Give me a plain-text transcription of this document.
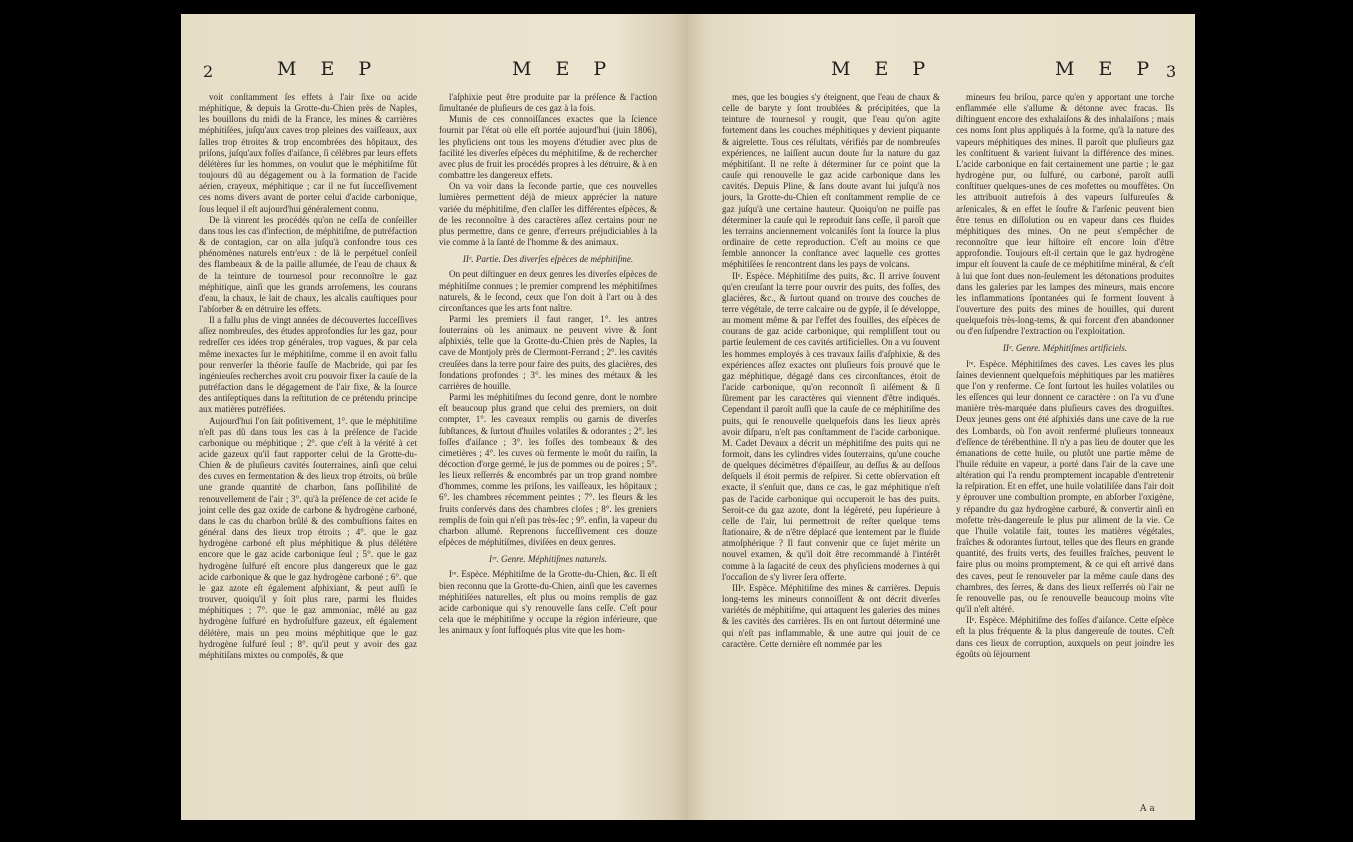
2	M E P	M E P

voit conſtamment ſes effets à l'air ſixe ou acide méphitique, & depuis la Grotte-du-Chien près de Naples, les bouillons du midi de la France, les mines & carrières méphitiſées, juſqu'aux caves trop pleines des vaiſſeaux, aux ſalles trop étroites & trop encombrées des hôpitaux, des priſons, juſqu'aux foſſes d'aiſance, ſi célèbres par leurs effets délétères ſur les hommes, on voulut que le méphitiſme fût toujours dû au dégagement ou à la formation de l'acide aérien, crayeux, méphitique ; car il ne fut ſucceſſivement ces noms divers avant de porter celui d'acide carbonique, ſous lequel il eſt aujourd'hui généralement connu.

De là vinrent les procédés qu'on ne ceſſa de conſeiller dans tous les cas d'infection, de méphitiſme, de putréfaction & de contagion, car on alla juſqu'à confondre tous ces phénomènes naturels entr'eux : de là le perpétuel conſeil des flambeaux & de la paille allumée, de l'eau de chaux & de la teinture de tournesol pour reconnoître le gaz méphitique, ainſi que les grands arroſemens, les courans d'eau, la chaux, le lait de chaux, les alcalis cauſtiques pour l'abſorber & en détruire les effets.

Il a fallu plus de vingt années de découvertes ſucceſſives aſſez nombreuſes, des études approfondies ſur les gaz, pour redreſſer ces idées trop générales, trop vagues, & par cela même inexactes ſur le méphitiſme, comme il en avoit fallu pour renverſer la théorie fauſſe de Macbride, qui par ſes ingénieuſes recherches avoit cru pouvoir fixer la cauſe de la putréfaction dans le dégagement de l'air fixe, & la ſource des antiſeptiques dans la reſtitution de ce prétendu principe aux matières putréfiées.

Aujourd'hui l'on ſait poſitivement, 1°. que le méphitiſme n'eſt pas dû dans tous les cas à la préſence de l'acide carbonique ou méphitique ; 2°. que c'eſt à la vérité à cet acide gazeux qu'il faut rapporter celui de la Grotte-du-Chien & de pluſieurs cavités ſouterraines, ainſi que celui des cuves en fermentation & des lieux trop étroits, où brûle une grande quantité de charbon, ſans poſſibilité de renouvellement de l'air ; 3°. qu'à la préſence de cet acide ſe joint celle des gaz oxide de carbone & hydrogène carboné, dans le cas du charbon brûlé & des combuſtions faites en général dans des lieux trop étroits ; 4°. que le gaz hydrogène carboné eſt plus méphitique & plus délétère encore que le gaz acide carbonique ſeul ; 5°. que le gaz hydrogène ſulfuré eſt encore plus dangereux que le gaz acide carbonique & que le gaz hydrogène carboné ; 6°. que le gaz azote eſt également aſphixiant, & peut auſſi ſe trouver, quoiqu'il y ſoit plus rare, parmi les fluides méphitiques ; 7°. que le gaz ammoniac, mêlé au gaz hydrogène ſulfuré en hydroſulfure gazeux, eſt également délétère, mais un peu moins méphitique que le gaz hydrogène ſulfuré ſeul ; 8°. qu'il peut y avoir des gaz méphitiſans mixtes ou compoſés, & que

l'aſphixie peut être produite par la préſence & l'action ſimultanée de pluſieurs de ces gaz à la fois.

Munis de ces connoiſſances exactes que la ſcience fournit par l'état où elle eſt portée aujourd'hui (juin 1806), les phyſiciens ont tous les moyens d'étudier avec plus de facilité les diverſes eſpèces du méphitiſme, & de rechercher avec plus de fruit les procédés propres à les détruire, & à en combattre les dangereux effets.

On va voir dans la ſeconde partie, que ces nouvelles lumières permettent déjà de mieux apprécier la nature variée du méphitiſme, d'en claſſer les différentes eſpèces, & de les reconnoître à des caractères aſſez certains pour ne plus permettre, dans ce genre, d'erreurs préjudiciables à la vie comme à la ſanté de l'homme & des animaux.

IIᵉ. Partie. Des diverſes eſpèces de méphitiſme.

On peut diſtinguer en deux genres les diverſes eſpèces de méphitiſme connues ; le premier comprend les méphitiſmes naturels, & le ſecond, ceux que l'on doit à l'art ou à des circonſtances que les arts font naître.

Parmi les premiers il faut ranger, 1°. les antres ſouterrains où les animaux ne peuvent vivre & ſont aſphixiés, telle que la Grotte-du-Chien près de Naples, la cave de Montjoly près de Clermont-Ferrand ; 2°. les cavités creuſées dans la terre pour faire des puits, des glacières, des fondations profondes ; 3°. les mines des métaux & les carrières de houille.

Parmi les méphitiſmes du ſecond genre, dont le nombre eſt beaucoup plus grand que celui des premiers, on doit compter, 1°. les caveaux remplis ou garnis de diverſes ſubſtances, & ſurtout d'huiles volatiles & odorantes ; 2°. les foſſes d'aiſance ; 3°. les foſſes des tombeaux & des cimetières ; 4°. les cuves où fermente le moût du raiſin, la décoction d'orge germé, le jus de pommes ou de poires ; 5°. les lieux reſſerrés & encombrés par un trop grand nombre d'hommes, comme les priſons, les vaiſſeaux, les hôpitaux ; 6°. les chambres récemment peintes ; 7°. les fleurs & les fruits conſervés dans des chambres cloſes ; 8°. les greniers remplis de foin qui n'eſt pas très-ſec ; 9°. enfin, la vapeur du charbon allumé. Reprenons ſucceſſivement ces douze eſpèces de méphitiſmes, diviſées en deux genres.

Iᵉʳ. Genre. Méphitiſmes naturels.

Iʳᵉ. Espèce. Méphitiſme de la Grotte-du-Chien, &c. Il eſt bien reconnu que la Grotte-du-Chien, ainſi que les cavernes méphitiſées naturelles, eſt plus ou moins remplis de gaz acide carbonique qui s'y renouvelle ſans ceſſe. C'eſt pour cela que le méphitiſme y occupe la région inférieure, que les animaux y ſont ſuffoqués plus vite que les hom-

M E P	M E P 3

mes, que les bougies s'y éteignent, que l'eau de chaux & celle de baryte y ſont troublées & précipitées, que la teinture de tournesol y rougit, que l'eau qu'on agite fortement dans les couches méphitiques y devient piquante & aigrelette. Tous ces réſultats, vérifiés par de nombreuſes expériences, ne laiſſent aucun doute ſur la nature du gaz méphitiſant. Il ne reſte à déterminer ſur ce point que la cauſe qui renouvelle le gaz acide carbonique dans les cavités. Depuis Pline, & ſans doute avant lui juſqu'à nos jours, la Grotte-du-Chien eſt conſtamment remplie de ce gaz juſqu'à une certaine hauteur. Quoiqu'on ne puiſſe pas déterminer la cauſe qui le reproduit ſans ceſſe, il paroît que les terrains anciennement volcaniſés ſont la ſource la plus ordinaire de cette reproduction. C'eſt au moins ce que ſemble annoncer la conſtance avec laquelle ces grottes méphitiſées ſe rencontrent dans les pays de volcans.

IIᵉ. Espèce. Méphitiſme des puits, &c. Il arrive ſouvent qu'en creuſant la terre pour ouvrir des puits, des foſſes, des glacières, &c., & ſurtout quand on trouve des couches de terre végétale, de terre calcaire ou de gypſe, il ſe développe, au moment même & par l'effet des fouilles, des eſpèces de courans de gaz acide carbonique, qui rempliſſent tout ou partie ſeulement de ces cavités artificielles. On a vu ſouvent les hommes employés à ces travaux ſaiſis d'aſphixie, & des expériences aſſez exactes ont pluſieurs fois prouvé que le gaz méphitique, dégagé dans ces circonſtances, étoit de l'acide carbonique, qu'on reconnoît ſi aiſément & ſi ſûrement par les caractères qui viennent d'être indiqués. Cependant il paroît auſſi que la cauſe de ce méphitiſme des puits, qui ſe renouvelle quelquefois dans les lieux après avoir diſparu, n'eſt pas conſtamment de l'acide carbonique. M. Cadet Devaux a décrit un méphitiſme des puits qui ne formoit, dans les cylindres vides ſouterrains, qu'une couche de quelques décimètres d'épaiſſeur, au deſſus & au deſſous deſquels il étoit permis de reſpirer. Si cette obſervation eſt exacte, il s'enſuit que, dans ce cas, le gaz méphitique n'eſt pas de l'acide carbonique qui occuperoit le bas des puits. Seroit-ce du gaz azote, dont la légèreté, peu ſupérieure à celle de l'air, lui permettroit de reſter quelque tems ſtationaire, & de n'être déplacé que lentement par le fluide atmoſphérique ? Il faut convenir que ce ſujet mérite un nouvel examen, & qu'il doit être recommandé à l'intérêt comme à la ſagacité de ceux des phyſiciens modernes à qui l'occaſion de s'y livrer ſera offerte.

IIIᵉ. Espèce. Méphitiſme des mines & carrières. Depuis long-tems les mineurs connoiſſent & ont décrit diverſes variétés de méphitiſme, qui attaquent les galeries des mines & les cavités des carrières. Ils en ont ſurtout déterminé une qui n'eſt pas inflammable, & une autre qui jouit de ce caractère. Cette dernière eſt nommée par les

mineurs feu briſou, parce qu'en y apportant une torche enflammée elle s'allume & détonne avec fracas. Ils diſtinguent encore des exhalaiſons & des inhalaiſons ; mais ces noms ſont plus appliqués à la forme, qu'à la nature des vapeurs méphitiques des mines. Il paroît que pluſieurs gaz les conſtituent & varient ſuivant la différence des mines. L'acide carbonique en fait certainement une partie ; le gaz hydrogène pur, ou ſulfuré, ou carboné, paroît auſſi conſtituer quelques-unes de ces mofettes ou mouffètes. On les attribuoit autrefois à des vapeurs ſulfureuſes & arſenicales, & en effet le ſoufre & l'arſenic peuvent bien être tenus en diſſolution ou en vapeur dans ces fluides méphitiques des mines. On ne peut s'empêcher de reconnoître que leur hiſtoire eſt encore loin d'être approfondie. Toujours eſt-il certain que le gaz hydrogène impur eſt ſouvent la cauſe de ce méphitiſme minéral, & c'eſt à lui que ſont dues non-ſeulement les détonations produites dans les galeries par les lampes des mineurs, mais encore les inflammations ſpontanées qui ſe forment ſouvent à l'ouverture des puits des mines de houilles, qui durent quelquefois très-long-tems, & qui forcent d'en abandonner ou d'en ſuſpendre l'extraction ou l'exploitation.

IIᵉ. Genre. Méphitiſmes artificiels.

Iʳᵉ. Espèce. Méphitiſmes des caves. Les caves les plus ſaines deviennent quelquefois méphitiques par les matières que l'on y renferme. Ce ſont ſurtout les huiles volatiles ou les eſſences qui leur donnent ce caractère : on l'a vu d'une manière très-marquée dans pluſieurs caves des droguiſtes. Deux jeunes gens ont été aſphixiés dans une cave de la rue des Lombards, où l'on avoit renfermé pluſieurs tonneaux d'eſſence de térébenthine. Il n'y a pas lieu de douter que les émanations de cette huile, ou plutôt une partie même de l'huile réduite en vapeur, a porté dans l'air de la cave une altération qui l'a rendu promptement incapable d'entretenir la reſpiration. Et en effet, une huile volatiliſée dans l'air doit y éprouver une combuſtion prompte, en abſorber l'oxigène, y répandre du gaz hydrogène carburé, & convertir ainſi en mofette très-dangereuſe le plus pur aliment de la vie. Ce que l'huile volatile fait, toutes les matières végétales, fraîches & odorantes ſurtout, telles que des fleurs en grande quantité, des fruits verts, des feuilles fraîches, peuvent le faire plus ou moins promptement, & ce qui eſt arrivé dans des caves, peut ſe renouveler par la même cauſe dans des chambres, des ſerres, & dans des lieux reſſerrés où l'air ne ſe renouvelle pas, ou ſe renouvelle beaucoup moins vîte qu'il n'eſt altéré.

IIᵉ. Espèce. Méphitiſme des foſſes d'aiſance. Cette eſpèce eſt la plus fréquente & la plus dangereuſe de toutes. C'eſt dans ces lieux de corruption, auxquels on peut joindre les égoûts où ſéjournent

A a
